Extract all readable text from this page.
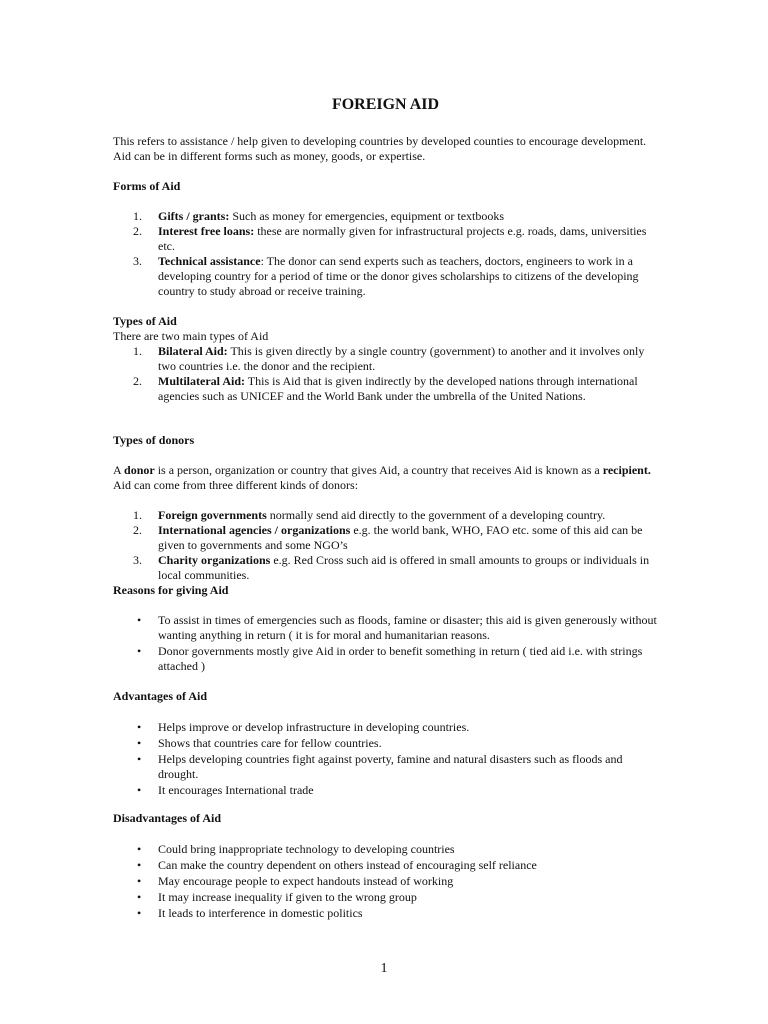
FOREIGN AID

This refers to assistance / help given to developing countries by developed counties to encourage development. Aid can be in different forms such as money, goods, or expertise.

Forms of Aid
1. Gifts / grants: Such as money for emergencies, equipment or textbooks
2. Interest free loans: these are normally given for infrastructural projects e.g. roads, dams, universities etc.
3. Technical assistance: The donor can send experts such as teachers, doctors, engineers to work in a developing country for a period of time or the donor gives scholarships to citizens of the developing country to study abroad or receive training.
Types of Aid
There are two main types of Aid
1. Bilateral Aid: This is given directly by a single country (government) to another and it involves only two countries i.e. the donor and the recipient.
2. Multilateral Aid: This is Aid that is given indirectly by the developed nations through international agencies such as UNICEF and the World Bank under the umbrella of the United Nations.
Types of donors

A donor is a person, organization or country that gives Aid, a country that receives Aid is known as a recipient. Aid can come from three different kinds of donors:

1. Foreign governments normally send aid directly to the government of a developing country.
2. International agencies / organizations e.g. the world bank, WHO, FAO etc. some of this aid can be given to governments and some NGO’s
3. Charity organizations e.g. Red Cross such aid is offered in small amounts to groups or individuals in local communities.
Reasons for giving Aid
• To assist in times of emergencies such as floods, famine or disaster; this aid is given generously without wanting anything in return ( it is for moral and humanitarian reasons.
• Donor governments mostly give Aid in order to benefit something in return ( tied aid i.e. with strings attached )
Advantages of Aid
• Helps improve or develop infrastructure in developing countries.
• Shows that countries care for fellow countries.
• Helps developing countries fight against poverty, famine and natural disasters such as floods and drought.
• It encourages International trade
Disadvantages of Aid
• Could bring inappropriate technology to developing countries
• Can make the country dependent on others instead of encouraging self reliance
• May encourage people to expect handouts instead of working
• It may increase inequality if given to the wrong group
• It leads to interference in domestic politics
1
